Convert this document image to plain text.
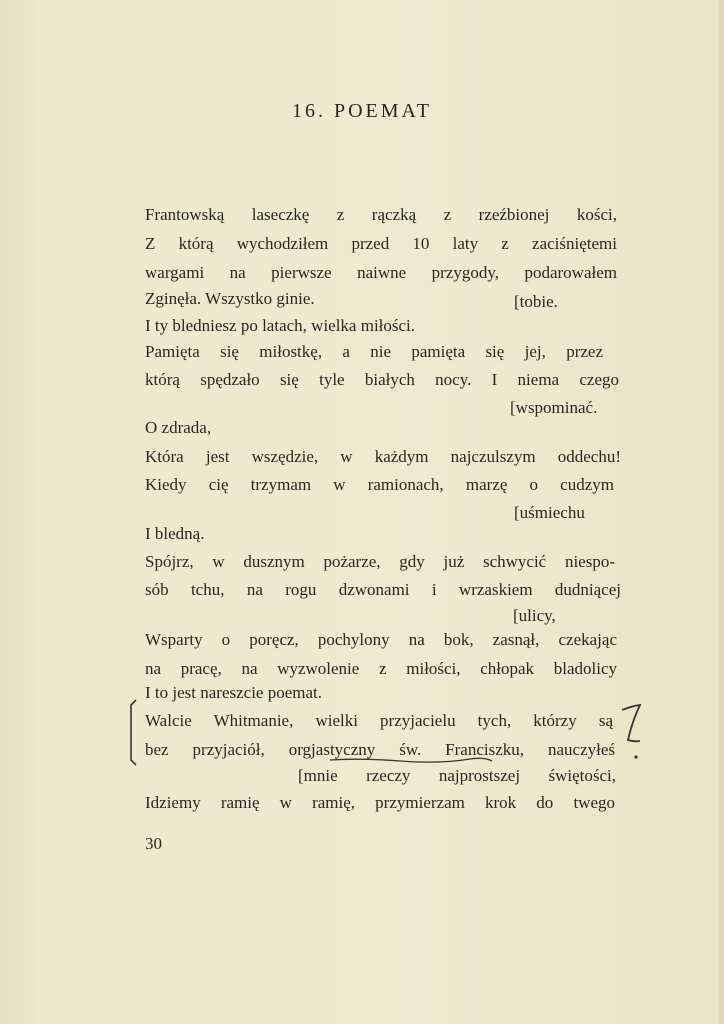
16. POEMAT
Frantowską laseczkę z rączką z rzeźbionej kości,
Z którą wychodziłem przed 10 laty z zaciśniętemi
wargami na pierwsze naiwne przygody, podarowałem
Zginęła. Wszystko ginie.	[tobie.
I ty bledniesz po latach, wielka miłości.
Pamięta się miłostkę, a nie pamięta się jej, przez
którą spędzało się tyle białych nocy. I niema czego
[wspominać.
O zdrada,
Która jest wszędzie, w każdym najczulszym oddechu!
Kiedy cię trzymam w ramionach, marzę o cudzym
[uśmiechu
I bledną.
Spójrz, w dusznym pożarze, gdy już schwycić niespo-
sób tchu, na rogu dzwonami i wrzaskiem dudniącej
[ulicy,
Wsparty o poręcz, pochylony na bok, zasnął, czekając
na pracę, na wyzwolenie z miłości, chłopak bladolicy
I to jest nareszcie poemat.
Walcie Whitmanie, wielki przyjacielu tych, którzy są
bez przyjaciół, orgjastyczny św. Franciszku, nauczyłeś
[mnie rzeczy najprostszej świętości,
Idziemy ramię w ramię, przymierzam krok do twego
30
